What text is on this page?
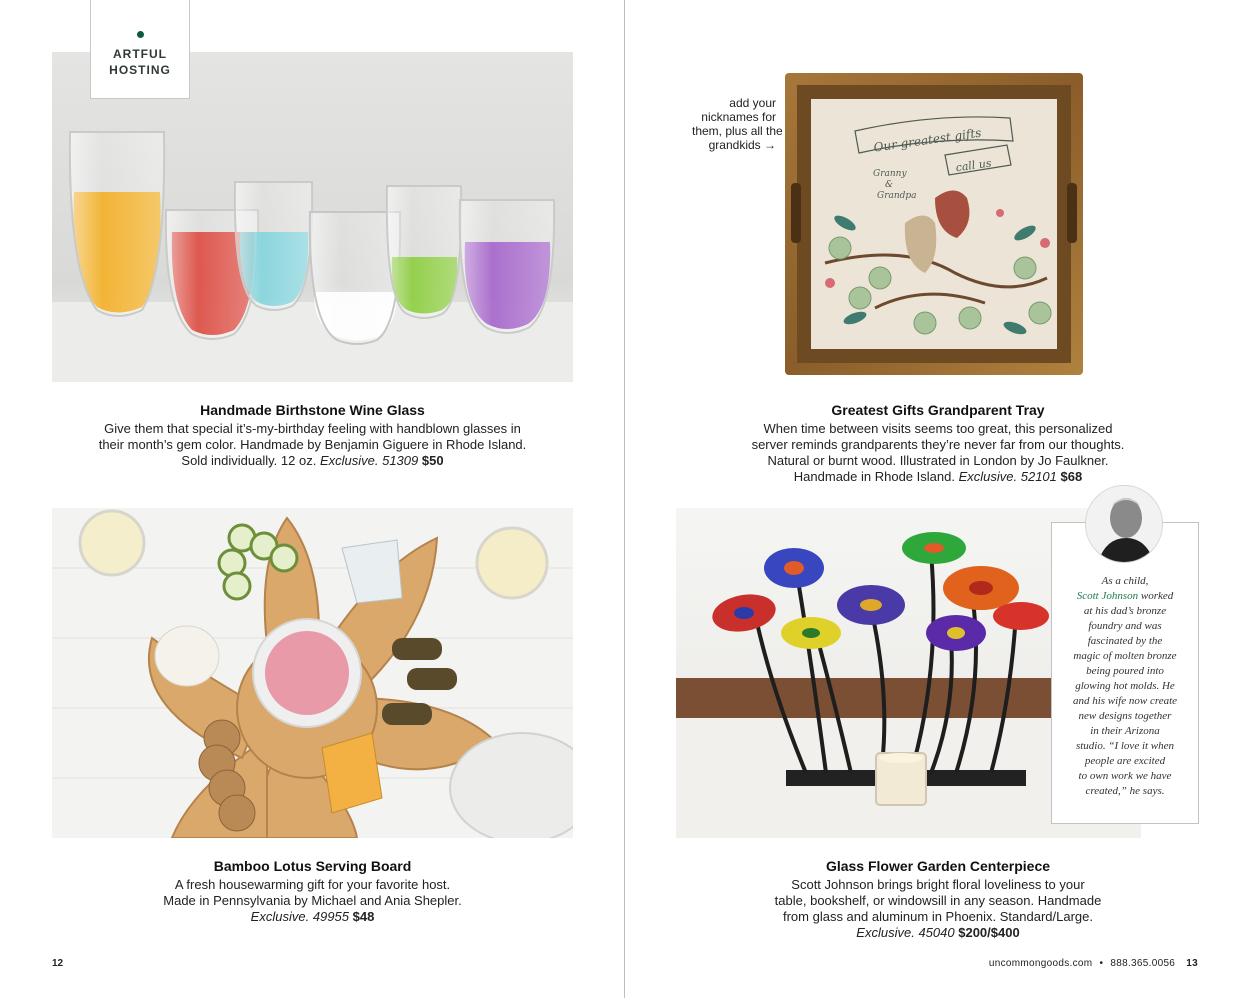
ARTFUL
HOSTING
Handmade Birthstone Wine Glass
Give them that special it’s-my-birthday feeling with handblown glasses in
their month’s gem color. Handmade by Benjamin Giguere in Rhode Island.
Sold individually. 12 oz. Exclusive. 51309 $50
Bamboo Lotus Serving Board
A fresh housewarming gift for your favorite host.
Made in Pennsylvania by Michael and Ania Shepler.
Exclusive. 49955 $48
add your
nicknames for
them, plus all the
grandkids →	Our greatest gifts
call us
Granny
&
Grandpa
Greatest Gifts Grandparent Tray
When time between visits seems too great, this personalized
server reminds grandparents they’re never far from our thoughts.
Natural or burnt wood. Illustrated in London by Jo Faulkner.
Handmade in Rhode Island. Exclusive. 52101 $68
As a child,
Scott Johnson worked
at his dad’s bronze
foundry and was
fascinated by the
magic of molten bronze
being poured into
glowing hot molds. He
and his wife now create
new designs together
in their Arizona
studio. “I love it when
people are excited
to own work we have
created,” he says.
Glass Flower Garden Centerpiece
Scott Johnson brings bright floral loveliness to your
table, bookshelf, or windowsill in any season. Handmade
from glass and aluminum in Phoenix. Standard/Large.
Exclusive. 45040 $200/$400
12	uncommongoods.com • 888.365.0056 13
